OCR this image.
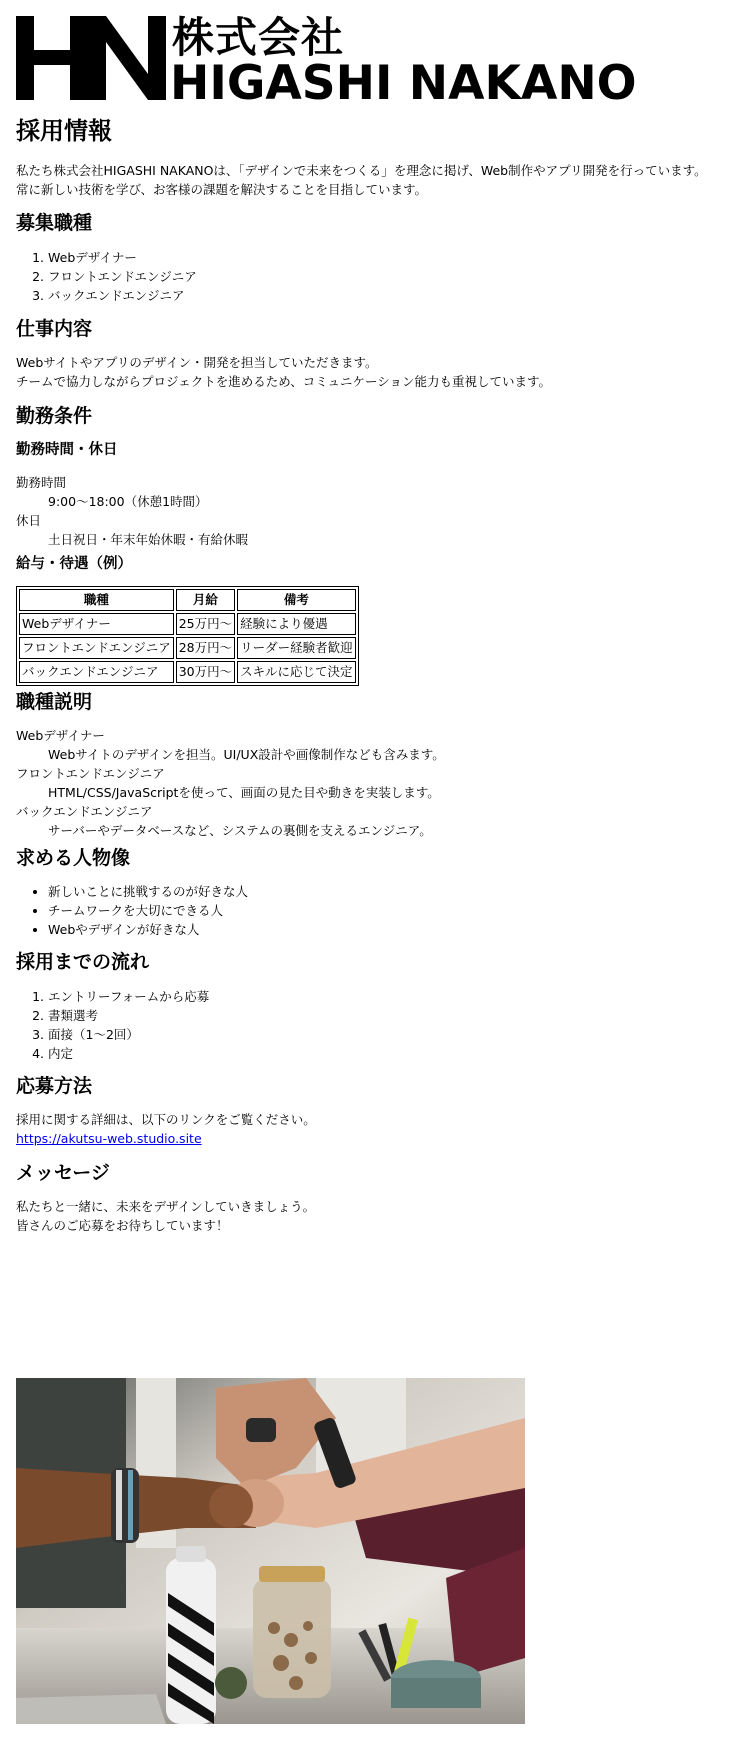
株式会社
HIGASHI NAKANO
採用情報

私たち株式会社HIGASHI NAKANOは、「デザインで未来をつくる」を理念に掲げ、Web制作やアプリ開発を行っています。
常に新しい技術を学び、お客様の課題を解決することを目指しています。

募集職種
1. Webデザイナー
2. フロントエンドエンジニア
3. バックエンドエンジニア
仕事内容

Webサイトやアプリのデザイン・開発を担当していただきます。
チームで協力しながらプロジェクトを進めるため、コミュニケーション能力も重視しています。

勤務条件
勤務時間・休日
勤務時間
9:00〜18:00（休憩1時間）
休日
土日祝日・年末年始休暇・有給休暇
給与・待遇（例）
職種	月給	備考
Webデザイナー	25万円〜	経験により優遇
フロントエンドエンジニア	28万円〜	リーダー経験者歓迎
バックエンドエンジニア	30万円〜	スキルに応じて決定
職種説明
Webデザイナー
Webサイトのデザインを担当。UI/UX設計や画像制作なども含みます。
フロントエンドエンジニア
HTML/CSS/JavaScriptを使って、画面の見た目や動きを実装します。
バックエンドエンジニア
サーバーやデータベースなど、システムの裏側を支えるエンジニア。
求める人物像
• 新しいことに挑戦するのが好きな人
• チームワークを大切にできる人
• Webやデザインが好きな人
採用までの流れ
1. エントリーフォームから応募
2. 書類選考
3. 面接（1〜2回）
4. 内定
応募方法

採用に関する詳細は、以下のリンクをご覧ください。
https://akutsu-web.studio.site

メッセージ

私たちと一緒に、未来をデザインしていきましょう。
皆さんのご応募をお待ちしています！
